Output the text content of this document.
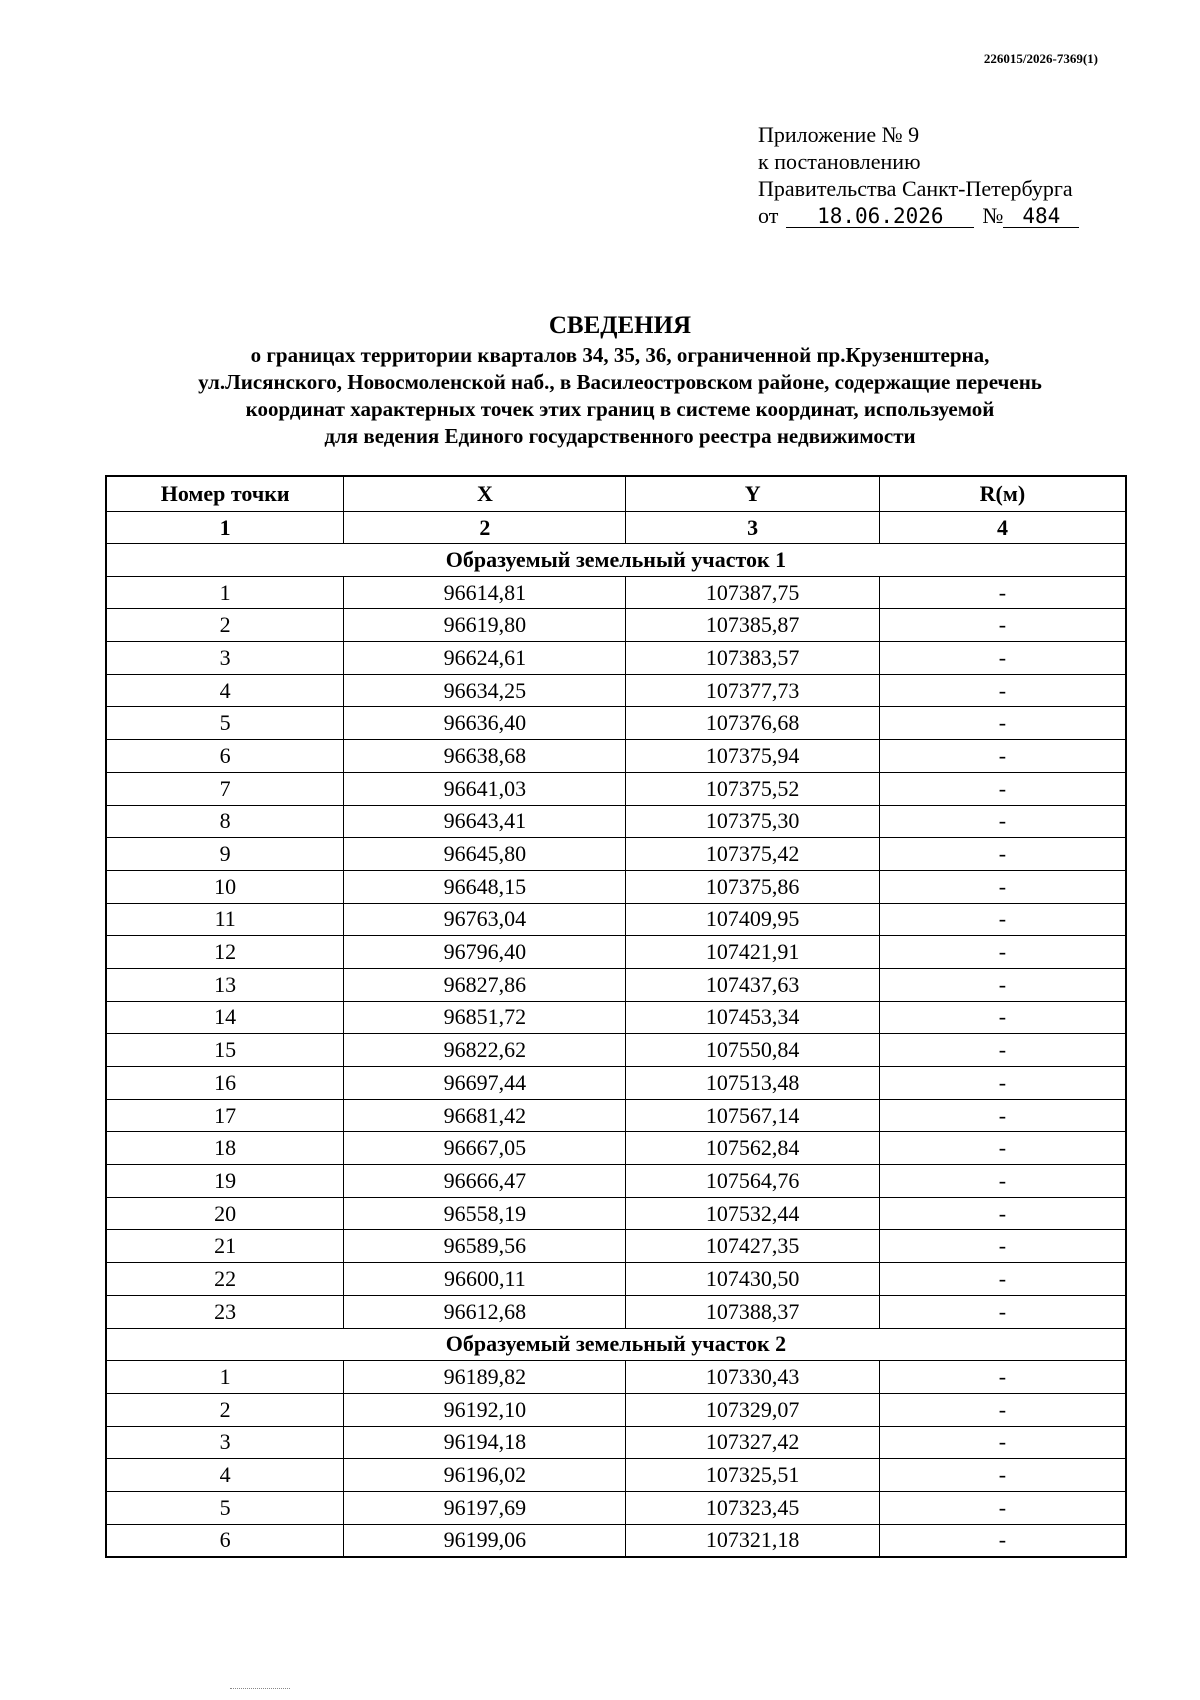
226015/2026-7369(1)
Приложение № 9
к постановлению
Правительства Санкт-Петербурга
от 18.06.2026 № 484
СВЕДЕНИЯ
о границах территории кварталов 34, 35, 36, ограниченной пр.Крузенштерна,
ул.Лисянского, Новосмоленской наб., в Василеостровском районе, содержащие перечень
координат характерных точек этих границ в системе координат, используемой
для ведения Единого государственного реестра недвижимости
Номер точки	X	Y	R(м)
1	2	3	4
Образуемый земельный участок 1			
1	96614,81	107387,75	-
2	96619,80	107385,87	-
3	96624,61	107383,57	-
4	96634,25	107377,73	-
5	96636,40	107376,68	-
6	96638,68	107375,94	-
7	96641,03	107375,52	-
8	96643,41	107375,30	-
9	96645,80	107375,42	-
10	96648,15	107375,86	-
11	96763,04	107409,95	-
12	96796,40	107421,91	-
13	96827,86	107437,63	-
14	96851,72	107453,34	-
15	96822,62	107550,84	-
16	96697,44	107513,48	-
17	96681,42	107567,14	-
18	96667,05	107562,84	-
19	96666,47	107564,76	-
20	96558,19	107532,44	-
21	96589,56	107427,35	-
22	96600,11	107430,50	-
23	96612,68	107388,37	-
Образуемый земельный участок 2			
1	96189,82	107330,43	-
2	96192,10	107329,07	-
3	96194,18	107327,42	-
4	96196,02	107325,51	-
5	96197,69	107323,45	-
6	96199,06	107321,18	-
